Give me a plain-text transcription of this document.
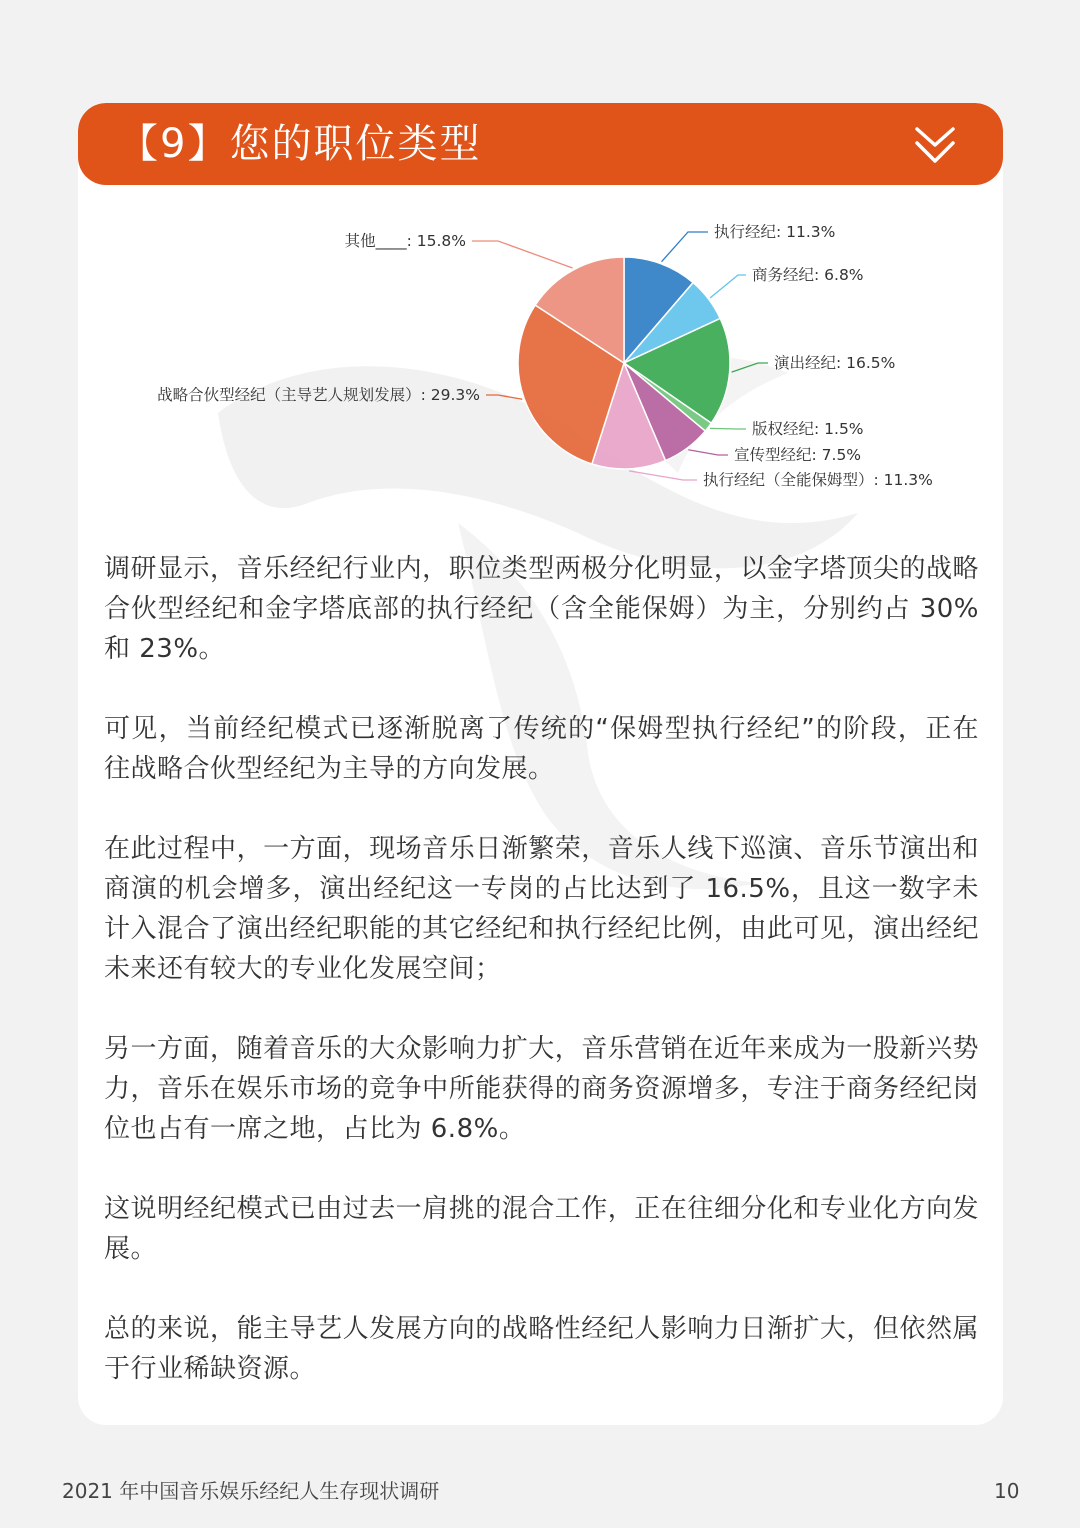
【9】您的职位类型
执行经纪: 11.3%
商务经纪: 6.8%
演出经纪: 16.5%
版权经纪: 1.5%
宣传型经纪: 7.5%
执行经纪（全能保姆型）: 11.3%
战略合伙型经纪（主导艺人规划发展）: 29.3%
其他____: 15.8%

调研显示，音乐经纪行业内，职位类型两极分化明显，以金字塔顶尖的战略合伙型经纪和金字塔底部的执行经纪（含全能保姆）为主，分别约占 30% 和 23%。

可见，当前经纪模式已逐渐脱离了传统的“保姆型执行经纪”的阶段，正在往战略合伙型经纪为主导的方向发展。

在此过程中，一方面，现场音乐日渐繁荣，音乐人线下巡演、音乐节演出和商演的机会增多，演出经纪这一专岗的占比达到了 16.5%，且这一数字未计入混合了演出经纪职能的其它经纪和执行经纪比例，由此可见，演出经纪未来还有较大的专业化发展空间；

另一方面，随着音乐的大众影响力扩大，音乐营销在近年来成为一股新兴势力，音乐在娱乐市场的竞争中所能获得的商务资源增多，专注于商务经纪岗位也占有一席之地，占比为 6.8%。

这说明经纪模式已由过去一肩挑的混合工作，正在往细分化和专业化方向发展。

总的来说，能主导艺人发展方向的战略性经纪人影响力日渐扩大，但依然属于行业稀缺资源。

2021 年中国音乐娱乐经纪人生存现状调研	10
